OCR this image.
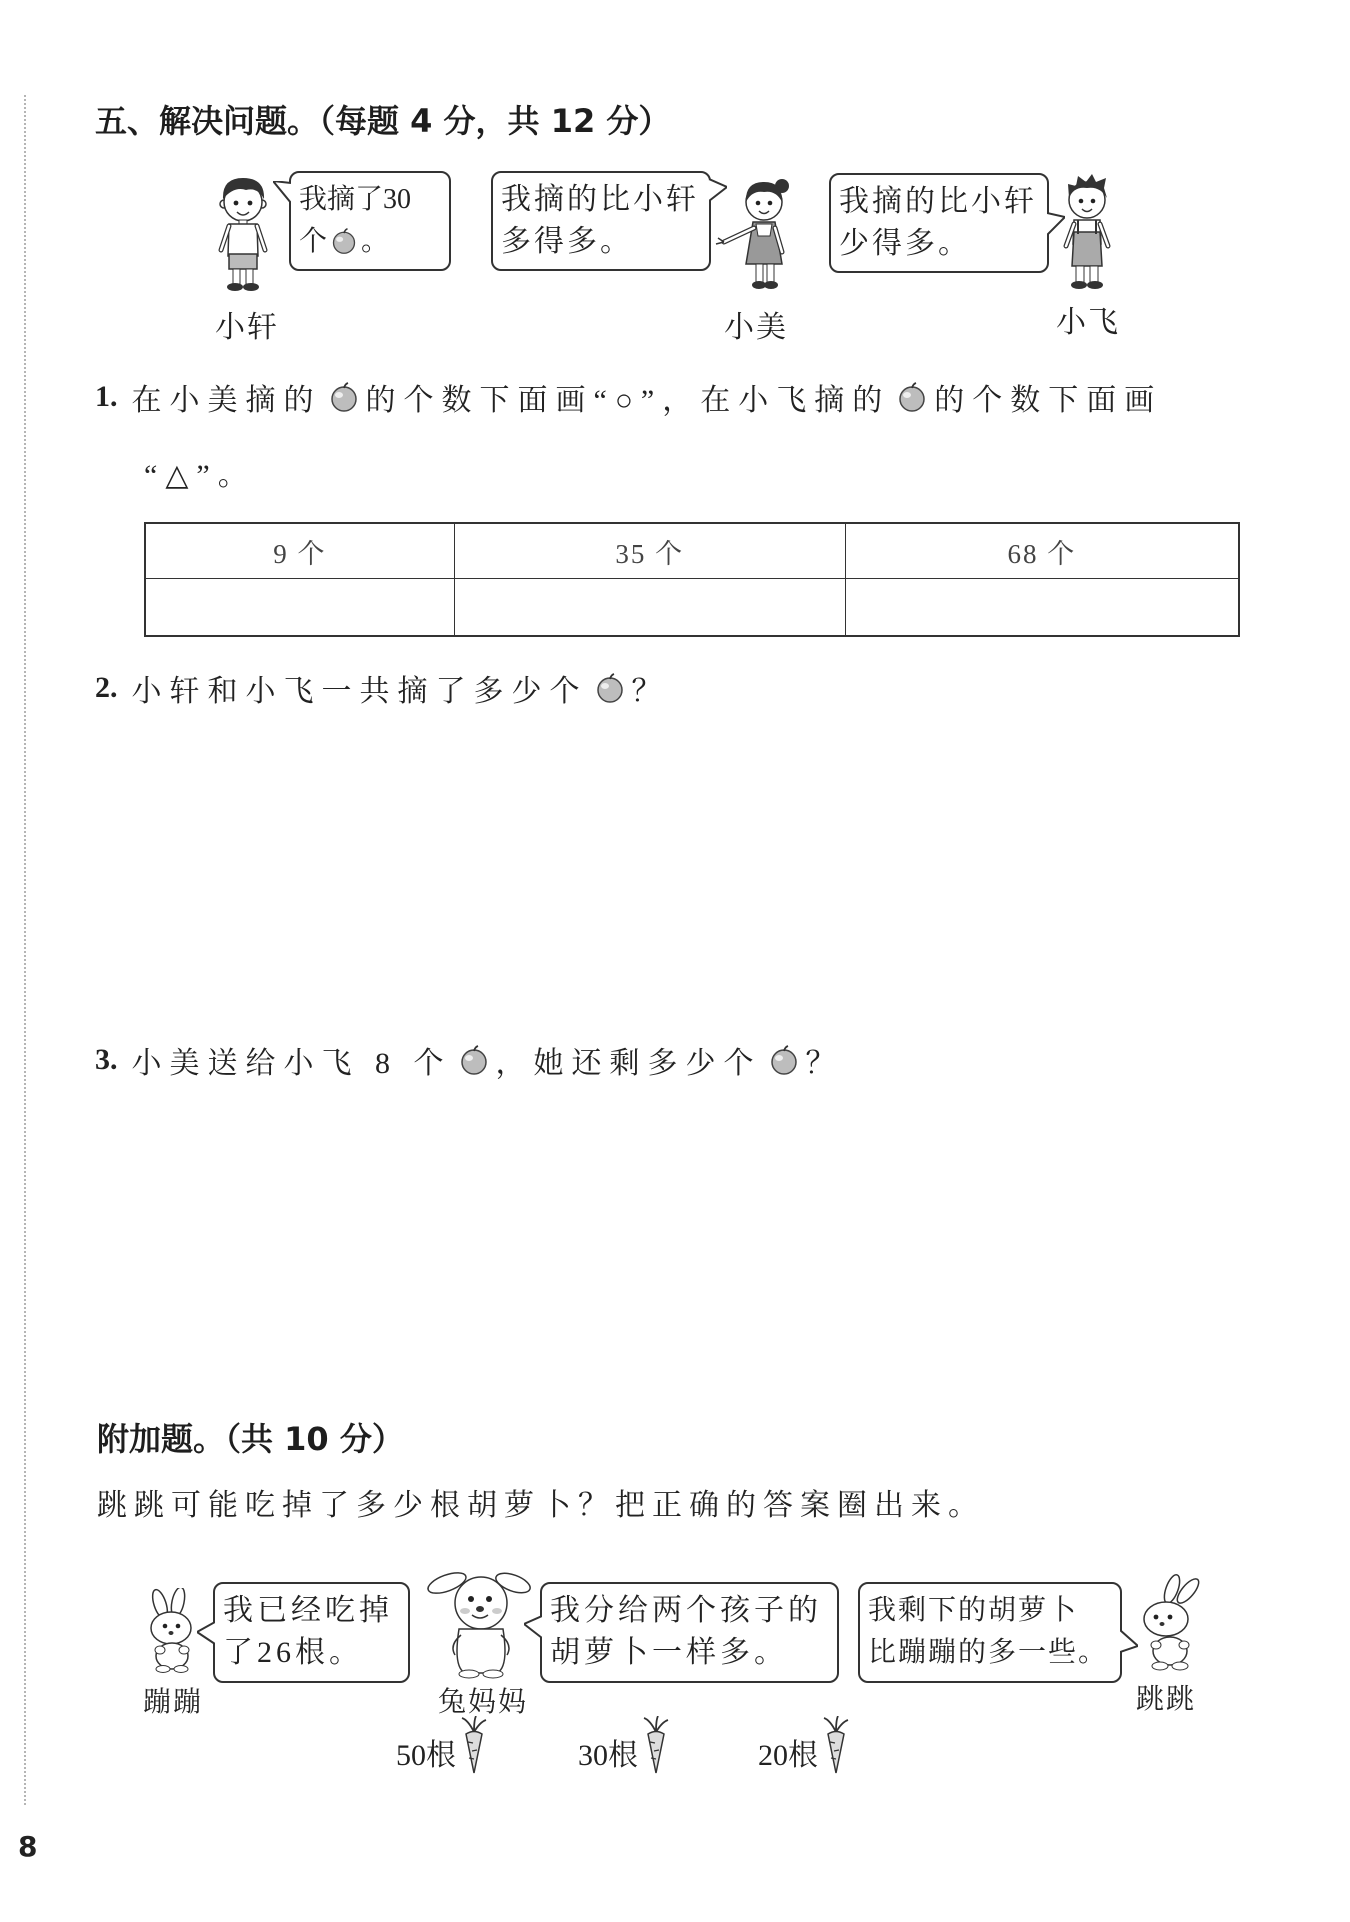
五、解决问题。（每题 4 分，共 12 分）
我摘了30
个 。
小轩
我摘的比小轩
多得多。
小美
我摘的比小轩
少得多。
小飞
1. 在小美摘的 的个数下面画“○”，在小飞摘的 的个数下面画
“△”。
9 个	35 个	68 个

2. 小轩和小飞一共摘了多少个 ？
3. 小美送给小飞 8 个 ，她还剩多少个 ？
附加题。（共 10 分）
跳跳可能吃掉了多少根胡萝卜？把正确的答案圈出来。
蹦蹦
我已经吃掉
了26根。
兔妈妈
我分给两个孩子的
胡萝卜一样多。
我剩下的胡萝卜
比蹦蹦的多一些。
跳跳
50根	30根	20根
8
